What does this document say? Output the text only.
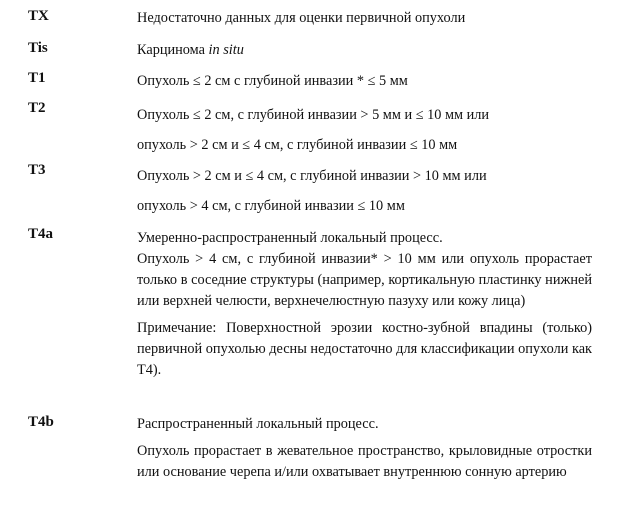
TX	Недостаточно данных для оценки первичной опухоли

Tis	Карцинома in situ
T1	Опухоль ≤ 2 см с глубиной инвазии * ≤ 5 мм

T2	Опухоль ≤ 2 см, с глубиной инвазии > 5 мм и ≤ 10 мм или

опухоль > 2 см и ≤ 4 см, с глубиной инвазии ≤ 10 мм

T3	Опухоль > 2 см и ≤ 4 см, с глубиной инвазии > 10 мм или

опухоль > 4 см, с глубиной инвазии ≤ 10 мм

T4a	Умеренно-распространенный локальный процесс.

Опухоль > 4 см, с глубиной инвазии* > 10 мм или опухоль прорастает только в соседние структуры (например, кортикальную пластинку нижней или верхней челюсти, верхнечелюстную пазуху или кожу лица)

Примечание: Поверхностной эрозии костно-зубной впадины (только) первичной опухолью десны недостаточно для классификации опухоли как Т4).

T4b	Распространенный локальный процесс.

Опухоль прорастает в жевательное пространство, крыловидные отростки или основание черепа и/или охватывает внутреннюю сонную артерию
